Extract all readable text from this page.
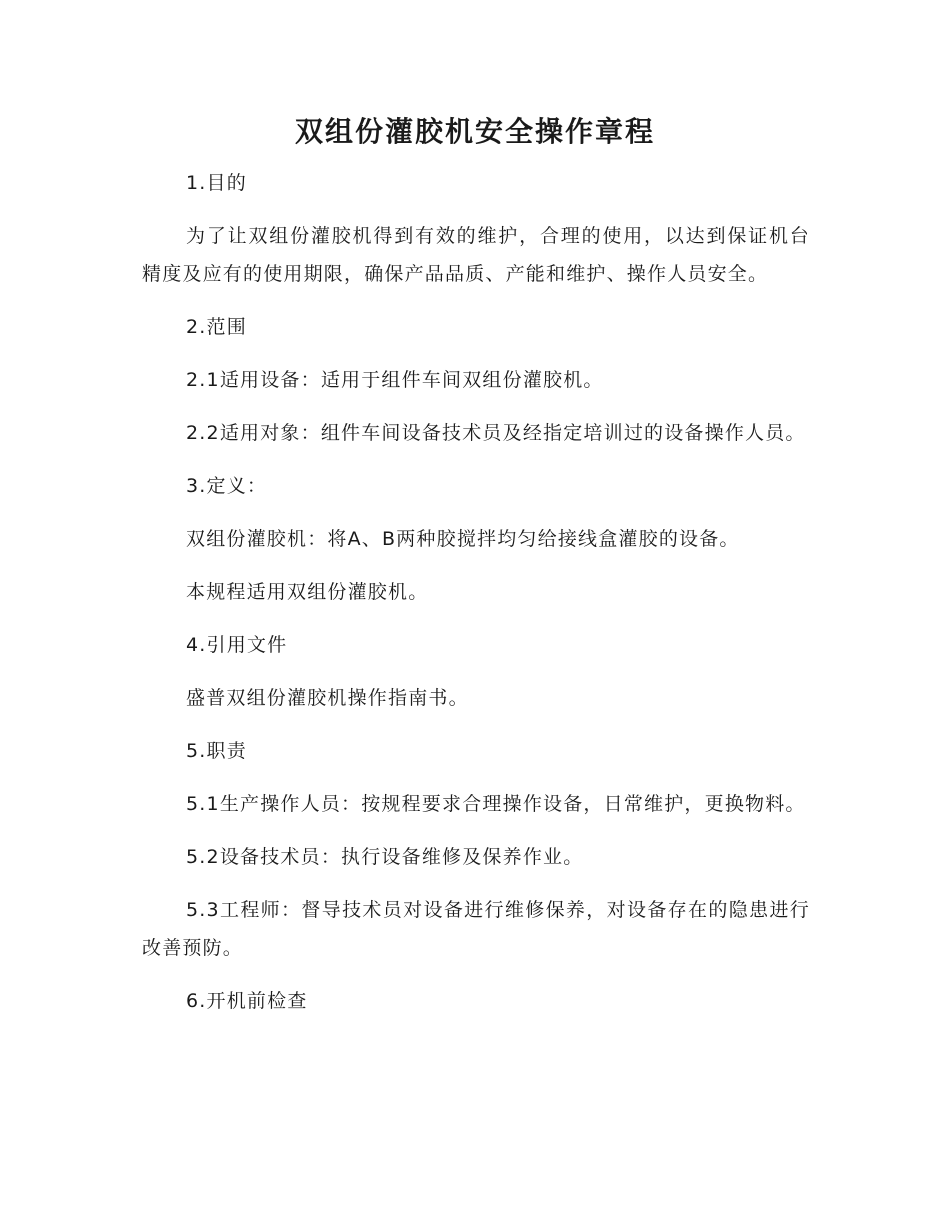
双组份灌胶机安全操作章程

1.目的

为了让双组份灌胶机得到有效的维护，合理的使用，以达到保证机台精度及应有的使用期限，确保产品品质、产能和维护、操作人员安全。

2.范围

2.1适用设备：适用于组件车间双组份灌胶机。

2.2适用对象：组件车间设备技术员及经指定培训过的设备操作人员。

3.定义：

双组份灌胶机：将A、B两种胶搅拌均匀给接线盒灌胶的设备。

本规程适用双组份灌胶机。

4.引用文件

盛普双组份灌胶机操作指南书。

5.职责

5.1生产操作人员：按规程要求合理操作设备，日常维护，更换物料。

5.2设备技术员：执行设备维修及保养作业。

5.3工程师：督导技术员对设备进行维修保养，对设备存在的隐患进行改善预防。

6.开机前检查
